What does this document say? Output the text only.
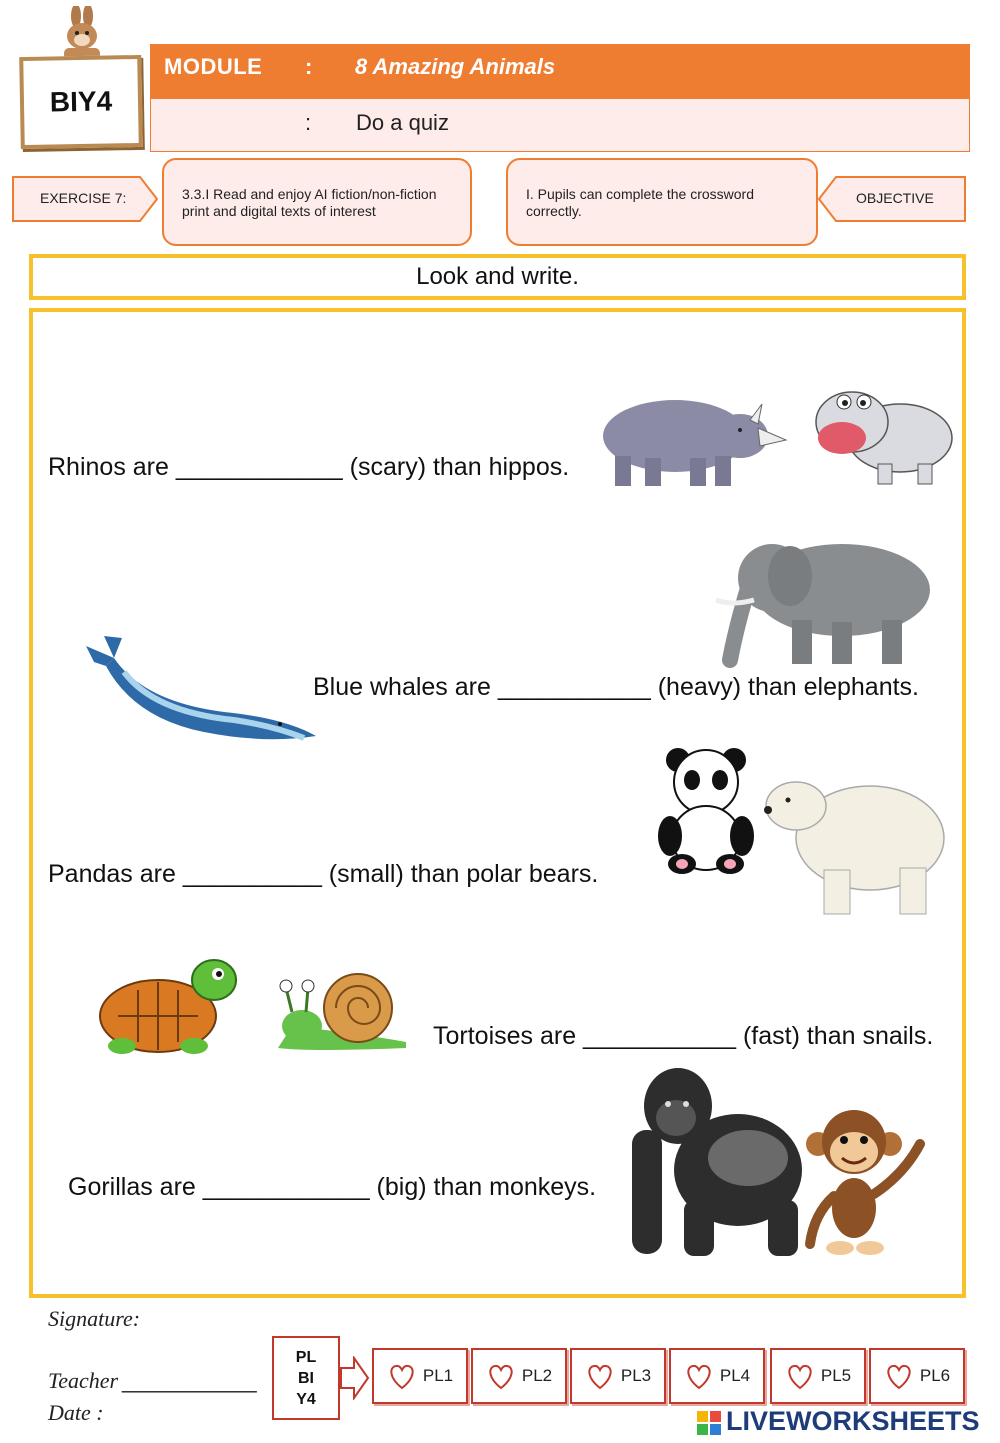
BIY4
MODULE : 8 Amazing Animals
: Do a quiz
EXERCISE 7:	3.3.I Read and enjoy AI fiction/non-fiction print and digital texts of interest
I. Pupils can complete the crossword correctly.
OBJECTIVE
Look and write.
Rhinos are ____________ (scary) than hippos.
Blue whales are ___________ (heavy) than elephants.
Pandas are __________ (small) than polar bears.
Tortoises are ___________ (fast) than snails.
Gorillas are ____________ (big) than monkeys.
Signature:
Teacher ___________
Date :
PL
BI
Y4
PL1	PL2	PL3	PL4	PL5	PL6
LIVEWORKSHEETS
